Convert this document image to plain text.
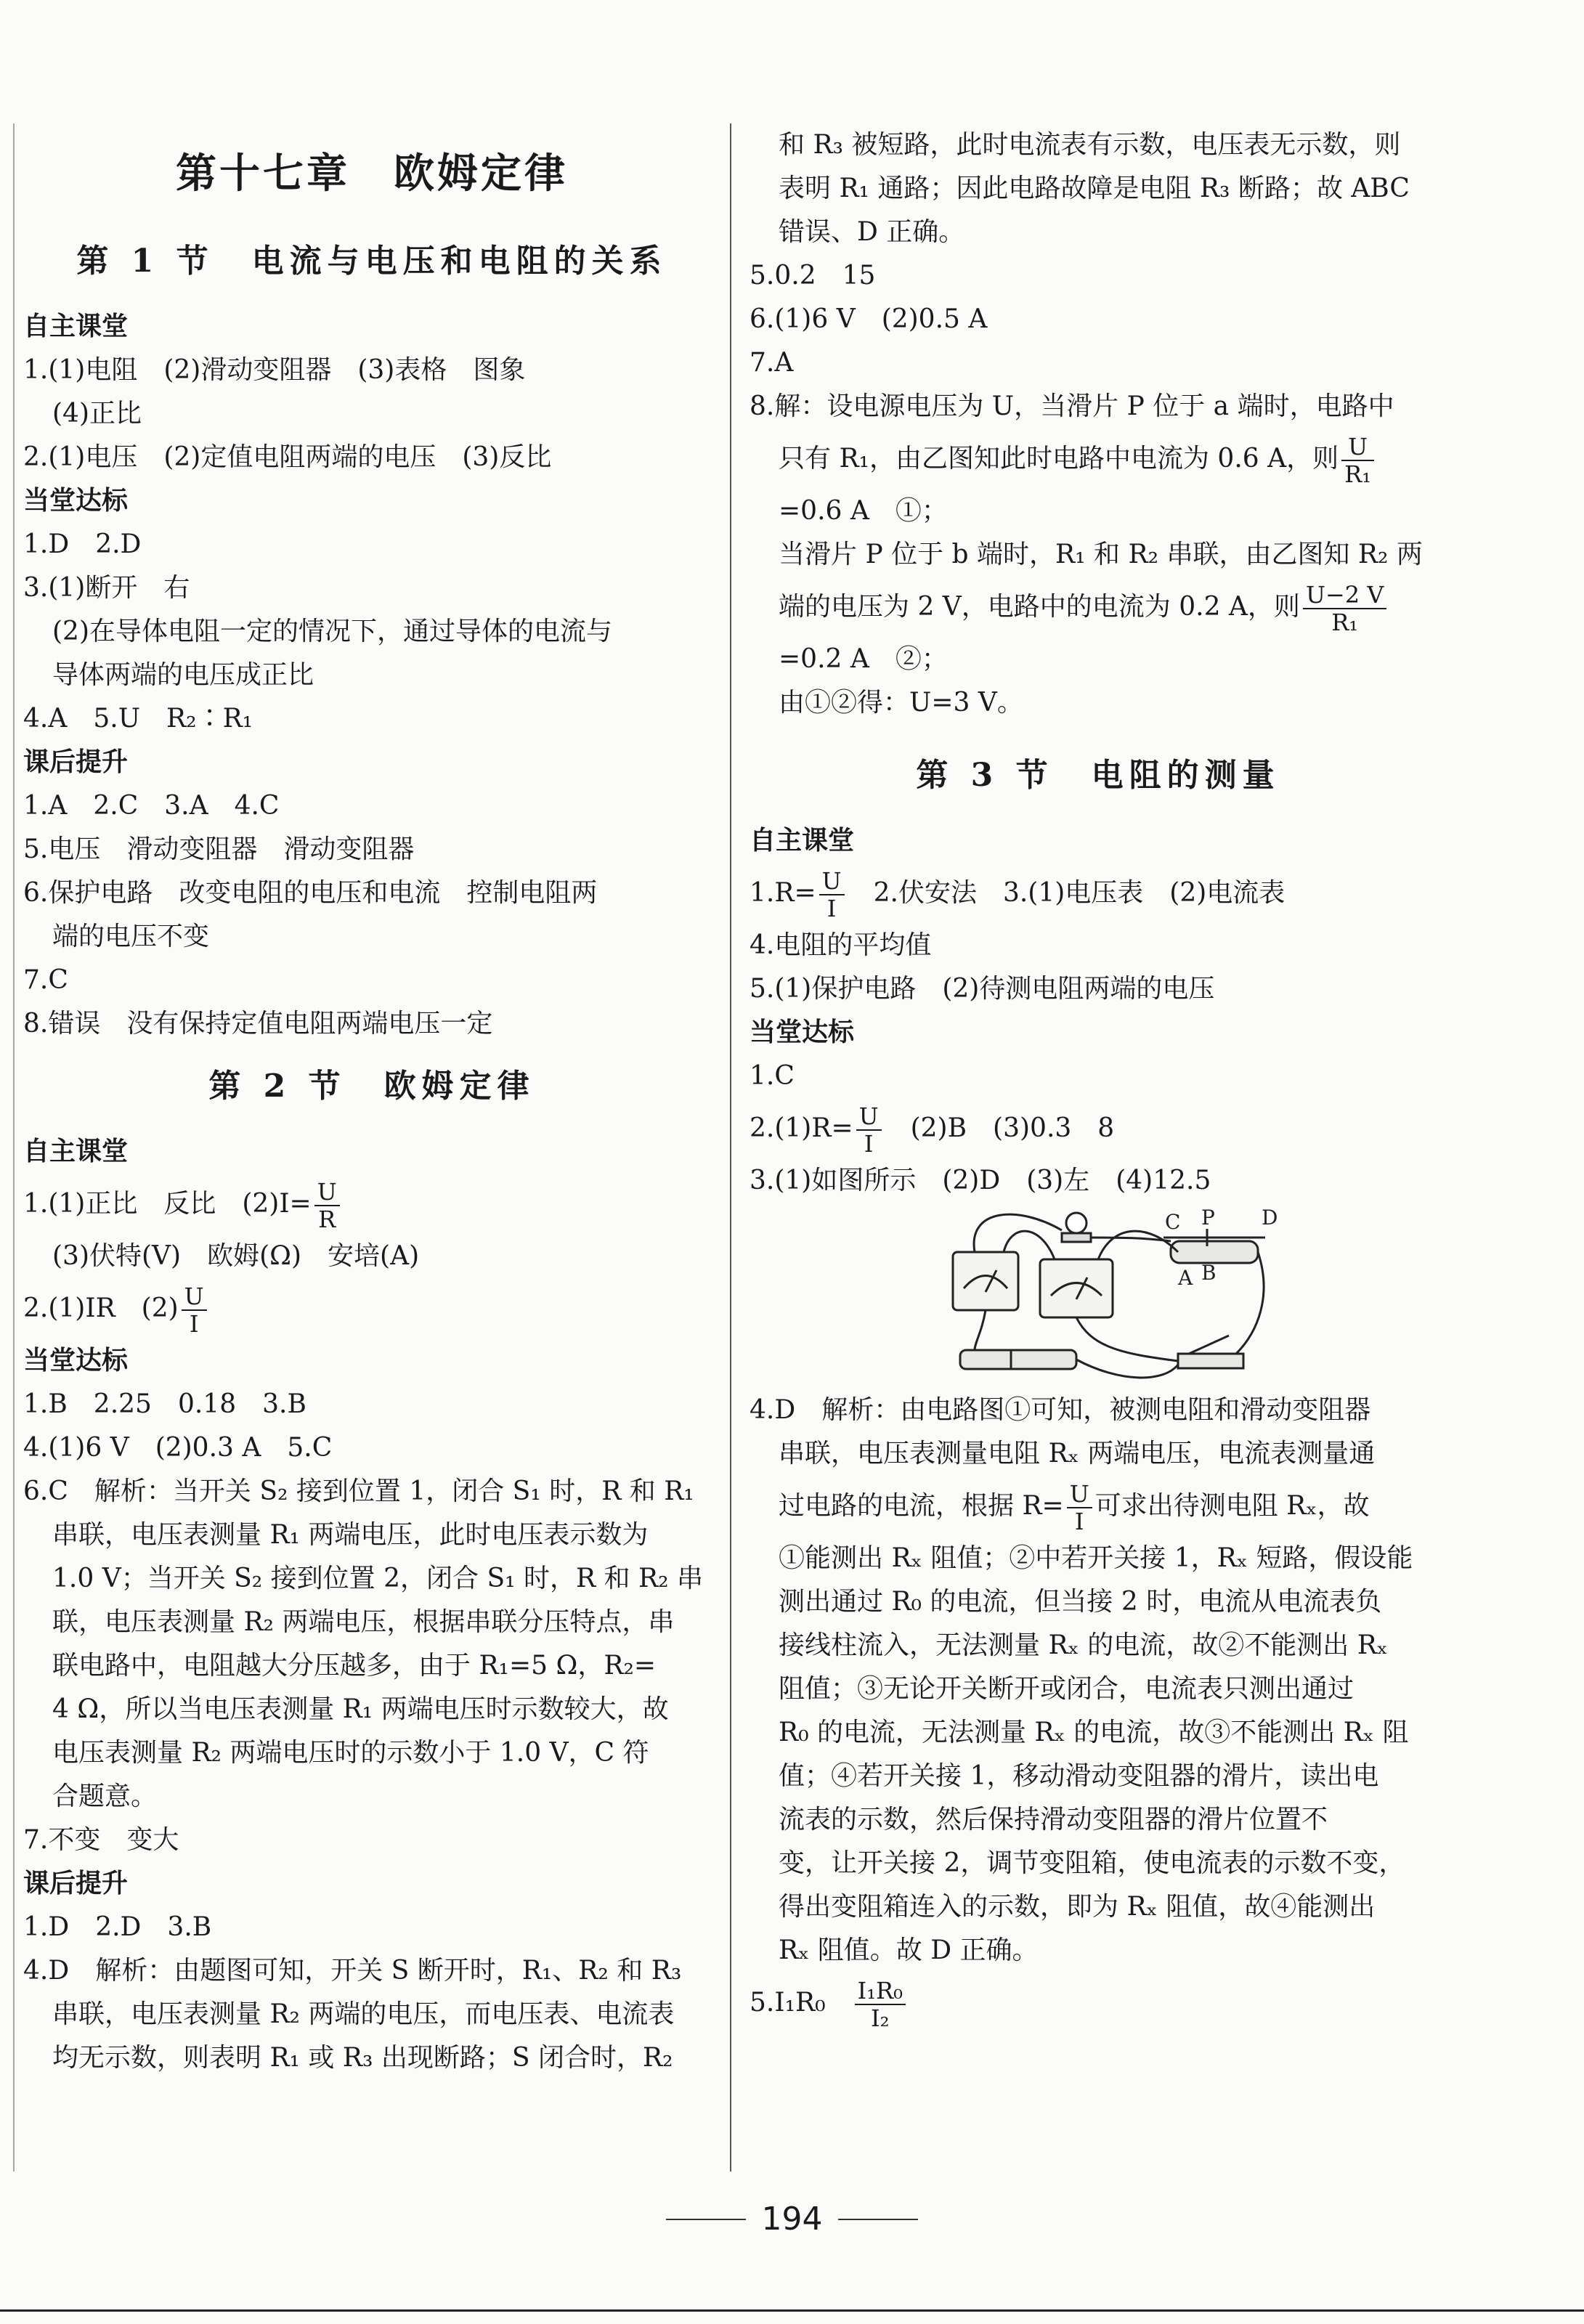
第十七章　欧姆定律
第 1 节　电流与电压和电阻的关系
自主课堂
1.(1)电阻　(2)滑动变阻器　(3)表格　图象
(4)正比
2.(1)电压　(2)定值电阻两端的电压　(3)反比
当堂达标
1.D　2.D
3.(1)断开　右
(2)在导体电阻一定的情况下，通过导体的电流与
导体两端的电压成正比
4.A　5.U　R₂∶R₁
课后提升
1.A　2.C　3.A　4.C
5.电压　滑动变阻器　滑动变阻器
6.保护电路　改变电阻的电压和电流　控制电阻两
端的电压不变
7.C
8.错误　没有保持定值电阻两端电压一定
第 2 节　欧姆定律
自主课堂
1.(1)正比　反比　$(2)I= \frac{U}{R}$
(3)伏特(V)　欧姆(Ω)　安培(A)
2.(1)IR　$(2) \frac{U}{I}$
当堂达标
1.B　2.25　0.18　3.B
4.(1)6 V　(2)0.3 A　5.C
6.C　解析：当开关 S₂ 接到位置 1，闭合 S₁ 时，R 和 R₁
串联，电压表测量 R₁ 两端电压，此时电压表示数为
1.0 V；当开关 S₂ 接到位置 2，闭合 S₁ 时，R 和 R₂ 串
联，电压表测量 R₂ 两端电压，根据串联分压特点，串
联电路中，电阻越大分压越多，由于 R₁=5 Ω，R₂=
4 Ω，所以当电压表测量 R₁ 两端电压时示数较大，故
电压表测量 R₂ 两端电压时的示数小于 1.0 V，C 符
合题意。
7.不变　变大
课后提升
1.D　2.D　3.B
4.D　解析：由题图可知，开关 S 断开时，R₁、R₂ 和 R₃
串联，电压表测量 R₂ 两端的电压，而电压表、电流表
均无示数，则表明 R₁ 或 R₃ 出现断路；S 闭合时，R₂
和 R₃ 被短路，此时电流表有示数，电压表无示数，则
表明 R₁ 通路；因此电路故障是电阻 R₃ 断路；故 ABC
错误、D 正确。
5.0.2　15
6.(1)6 V　(2)0.5 A
7.A
8.解：设电源电压为 U，当滑片 P 位于 a 端时，电路中
只有 R₁，由乙图知此时电路中电流为 0.6 A，则 $\frac{U}{\text{R₁}}$
=0.6 A　①；
当滑片 P 位于 b 端时，R₁ 和 R₂ 串联，由乙图知 R₂ 两
端的电压为 2 V，电路中的电流为 0.2 A，则 $\frac{U-2 V}{\text{R₁}}$
=0.2 A　②；
由①②得：U=3 V。
第 3 节　电阻的测量
自主课堂
$1.R= \frac{U}{I}$ 　2.伏安法　3.(1)电压表　(2)电流表
4.电阻的平均值
5.(1)保护电路　(2)待测电阻两端的电压
当堂达标
1.C
$2.(1)R= \frac{U}{I}$ 　(2)B　(3)0.3　8
3.(1)如图所示　(2)D　(3)左　(4)12.5
C P D
A B
4.D　解析：由电路图①可知，被测电阻和滑动变阻器
串联，电压表测量电阻 Rₓ 两端电压，电流表测量通
过电路的电流，根据 $R= \frac{U}{I}$ 可求出待测电阻 Rₓ，故
①能测出 Rₓ 阻值；②中若开关接 1，Rₓ 短路，假设能
测出通过 R₀ 的电流，但当接 2 时，电流从电流表负
接线柱流入，无法测量 Rₓ 的电流，故②不能测出 Rₓ
阻值；③无论开关断开或闭合，电流表只测出通过
R₀ 的电流，无法测量 Rₓ 的电流，故③不能测出 Rₓ 阻
值；④若开关接 1，移动滑动变阻器的滑片，读出电
流表的示数，然后保持滑动变阻器的滑片位置不
变，让开关接 2，调节变阻箱，使电流表的示数不变，
得出变阻箱连入的示数，即为 Rₓ 阻值，故④能测出
Rₓ 阻值。故 D 正确。
5.I₁R₀　 $\frac{\text{I₁R₀}}{\text{I₂}}$
194
